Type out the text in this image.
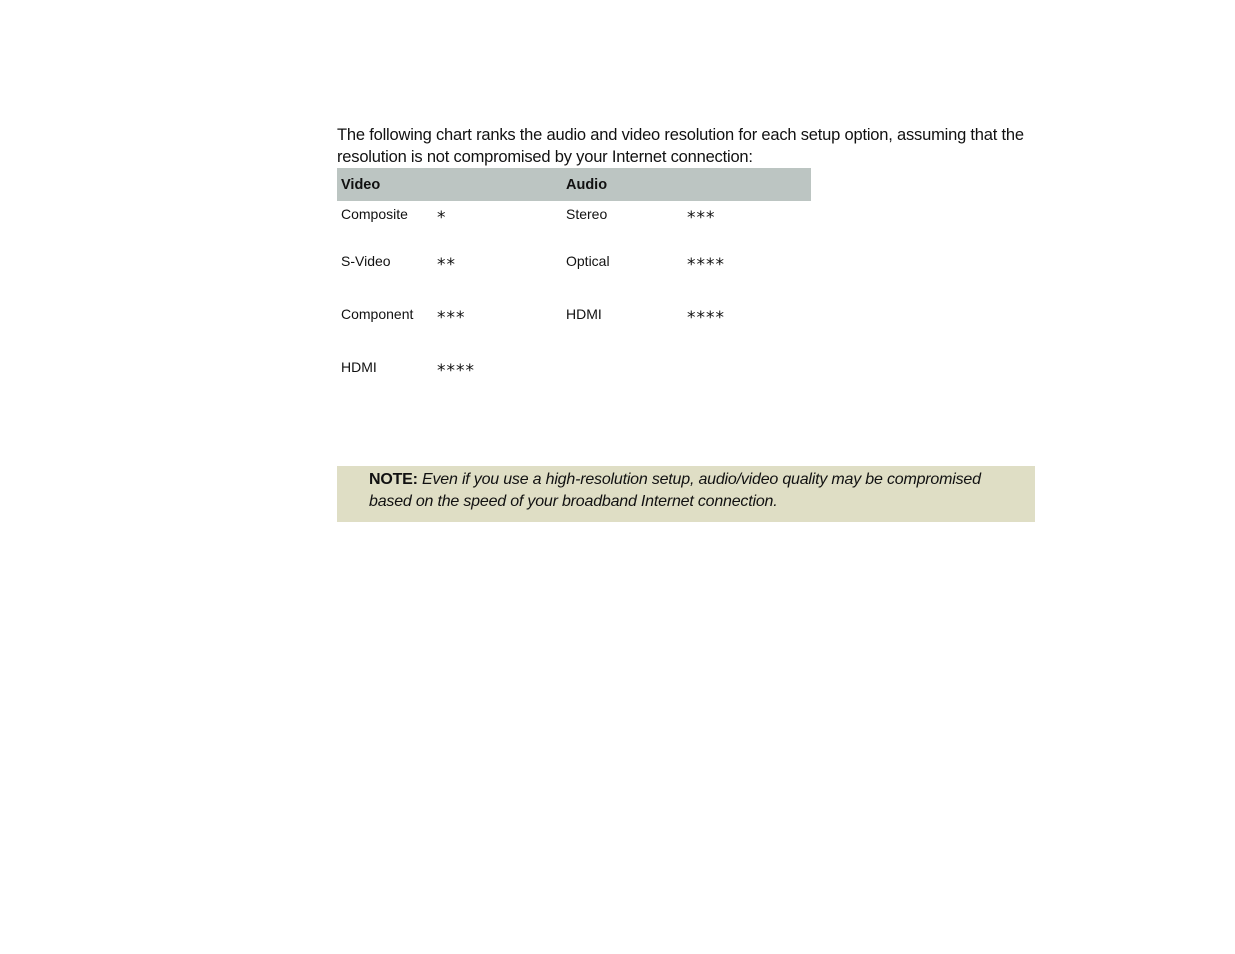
The following chart ranks the audio and video resolution for each setup option, assuming that the resolution is not compromised by your Internet connection:

Video		Audio	
Composite	*	Stereo	***
S-Video	**	Optical	****
Component	***	HDMI	****
HDMI	****		
NOTE: Even if you use a high-resolution setup, audio/video quality may be compromised based on the speed of your broadband Internet connection.
